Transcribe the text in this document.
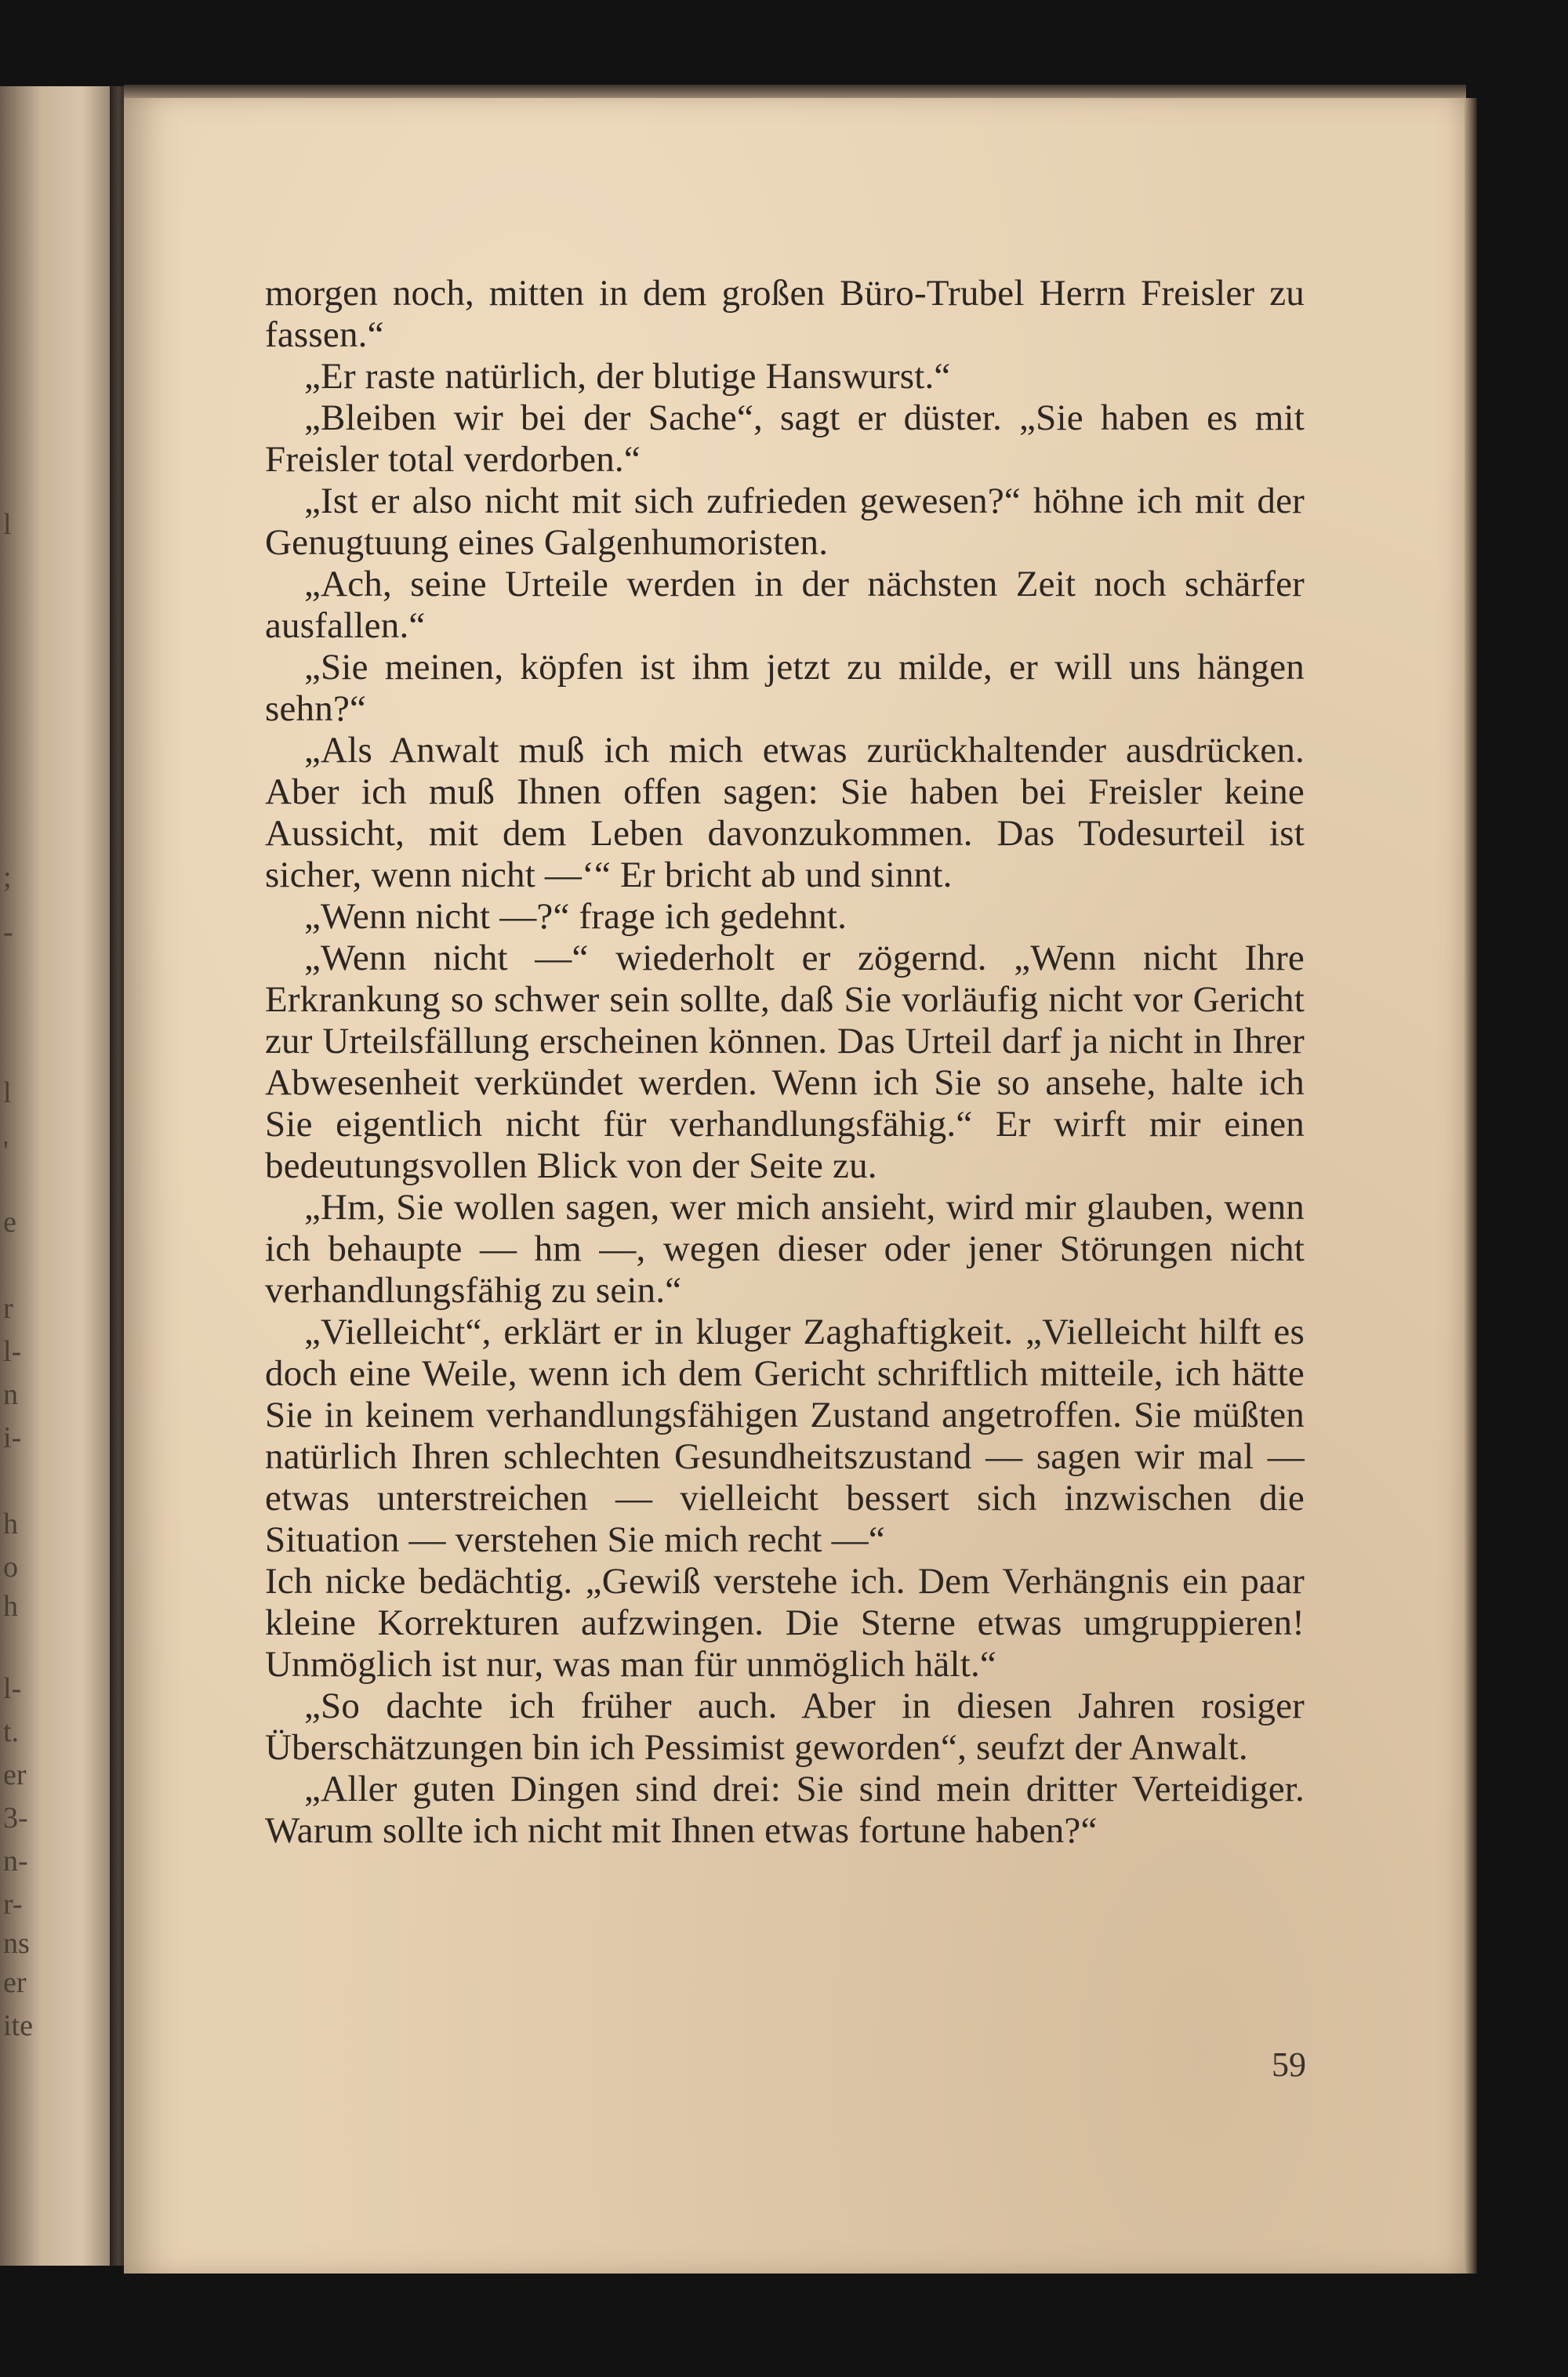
l
;
-
l
'
e
r
l-
n
i-
h
o
h
l-
t.
er
3-
n-
r-
ns
er
ite

morgen noch, mitten in dem großen Büro-Trubel Herrn Freisler zu fassen.“

„Er raste natürlich, der blutige Hanswurst.“

„Bleiben wir bei der Sache“, sagt er düster. „Sie haben es mit Freisler total verdorben.“

„Ist er also nicht mit sich zufrieden gewesen?“ höhne ich mit der Genugtuung eines Galgenhumoristen.

„Ach, seine Urteile werden in der nächsten Zeit noch schärfer ausfallen.“

„Sie meinen, köpfen ist ihm jetzt zu milde, er will uns hängen sehn?“

„Als Anwalt muß ich mich etwas zurückhaltender ausdrücken. Aber ich muß Ihnen offen sagen: Sie haben bei Freisler keine Aussicht, mit dem Leben davonzukommen. Das Todesurteil ist sicher, wenn nicht —‘“ Er bricht ab und sinnt.

„Wenn nicht —?“ frage ich gedehnt.

„Wenn nicht —“ wiederholt er zögernd. „Wenn nicht Ihre Erkrankung so schwer sein sollte, daß Sie vorläufig nicht vor Gericht zur Urteilsfällung erscheinen können. Das Urteil darf ja nicht in Ihrer Abwesenheit verkündet werden. Wenn ich Sie so ansehe, halte ich Sie eigentlich nicht für verhandlungsfähig.“ Er wirft mir einen bedeutungsvollen Blick von der Seite zu.

„Hm, Sie wollen sagen, wer mich ansieht, wird mir glauben, wenn ich behaupte — hm —, wegen dieser oder jener Störungen nicht verhandlungsfähig zu sein.“

„Vielleicht“, erklärt er in kluger Zaghaftigkeit. „Vielleicht hilft es doch eine Weile, wenn ich dem Gericht schriftlich mitteile, ich hätte Sie in keinem verhandlungsfähigen Zustand angetroffen. Sie müßten natürlich Ihren schlechten Gesundheitszustand — sagen wir mal — etwas unterstreichen — vielleicht bessert sich inzwischen die Situation — verstehen Sie mich recht —“

Ich nicke bedächtig. „Gewiß verstehe ich. Dem Verhängnis ein paar kleine Korrekturen aufzwingen. Die Sterne etwas umgruppieren! Unmöglich ist nur, was man für unmöglich hält.“

„So dachte ich früher auch. Aber in diesen Jahren rosiger Überschätzungen bin ich Pessimist geworden“, seufzt der Anwalt.

„Aller guten Dingen sind drei: Sie sind mein dritter Verteidiger. Warum sollte ich nicht mit Ihnen etwas fortune haben?“

59
